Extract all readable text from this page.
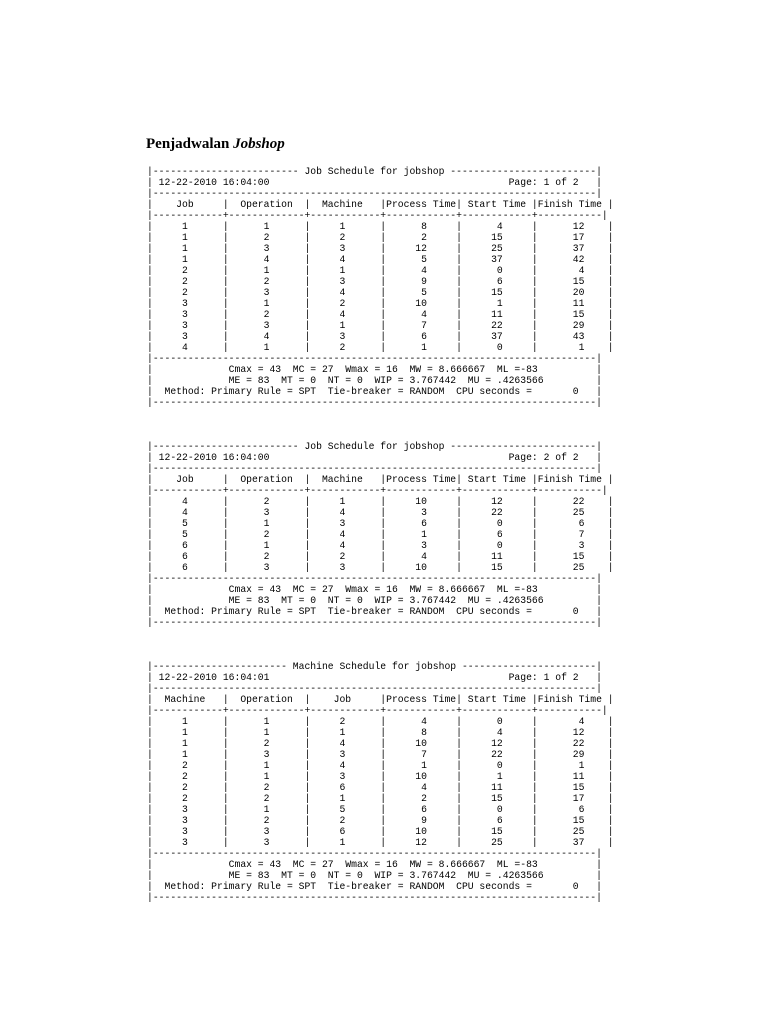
Penjadwalan Jobshop
|------------------------- Job Schedule for jobshop -------------------------|
| 12-22-2010 16:04:00                                         Page: 1 of 2   |
|----------------------------------------------------------------------------|
|    Job     |  Operation  |  Machine   |Process Time| Start Time |Finish Time |
|------------+-------------+------------+------------+------------+-----------|
|     1      |      1      |     1      |      8     |      4     |      12    |
|     1      |      2      |     2      |      2     |     15     |      17    |
|     1      |      3      |     3      |     12     |     25     |      37    |
|     1      |      4      |     4      |      5     |     37     |      42    |
|     2      |      1      |     1      |      4     |      0     |       4    |
|     2      |      2      |     3      |      9     |      6     |      15    |
|     2      |      3      |     4      |      5     |     15     |      20    |
|     3      |      1      |     2      |     10     |      1     |      11    |
|     3      |      2      |     4      |      4     |     11     |      15    |
|     3      |      3      |     1      |      7     |     22     |      29    |
|     3      |      4      |     3      |      6     |     37     |      43    |
|     4      |      1      |     2      |      1     |      0     |       1    |
|----------------------------------------------------------------------------|
|             Cmax = 43  MC = 27  Wmax = 16  MW = 8.666667  ML =-83          |
|             ME = 83  MT = 0  NT = 0  WIP = 3.767442  MU = .4263566         |
|  Method: Primary Rule = SPT  Tie-breaker = RANDOM  CPU seconds =       0   |
|----------------------------------------------------------------------------|
|------------------------- Job Schedule for jobshop -------------------------|
| 12-22-2010 16:04:00                                         Page: 2 of 2   |
|----------------------------------------------------------------------------|
|    Job     |  Operation  |  Machine   |Process Time| Start Time |Finish Time |
|------------+-------------+------------+------------+------------+-----------|
|     4      |      2      |     1      |     10     |     12     |      22    |
|     4      |      3      |     4      |      3     |     22     |      25    |
|     5      |      1      |     3      |      6     |      0     |       6    |
|     5      |      2      |     4      |      1     |      6     |       7    |
|     6      |      1      |     4      |      3     |      0     |       3    |
|     6      |      2      |     2      |      4     |     11     |      15    |
|     6      |      3      |     3      |     10     |     15     |      25    |
|----------------------------------------------------------------------------|
|             Cmax = 43  MC = 27  Wmax = 16  MW = 8.666667  ML =-83          |
|             ME = 83  MT = 0  NT = 0  WIP = 3.767442  MU = .4263566         |
|  Method: Primary Rule = SPT  Tie-breaker = RANDOM  CPU seconds =       0   |
|----------------------------------------------------------------------------|
|----------------------- Machine Schedule for jobshop -----------------------|
| 12-22-2010 16:04:01                                         Page: 1 of 2   |
|----------------------------------------------------------------------------|
|  Machine   |  Operation  |    Job     |Process Time| Start Time |Finish Time |
|------------+-------------+------------+------------+------------+-----------|
|     1      |      1      |     2      |      4     |      0     |       4    |
|     1      |      1      |     1      |      8     |      4     |      12    |
|     1      |      2      |     4      |     10     |     12     |      22    |
|     1      |      3      |     3      |      7     |     22     |      29    |
|     2      |      1      |     4      |      1     |      0     |       1    |
|     2      |      1      |     3      |     10     |      1     |      11    |
|     2      |      2      |     6      |      4     |     11     |      15    |
|     2      |      2      |     1      |      2     |     15     |      17    |
|     3      |      1      |     5      |      6     |      0     |       6    |
|     3      |      2      |     2      |      9     |      6     |      15    |
|     3      |      3      |     6      |     10     |     15     |      25    |
|     3      |      3      |     1      |     12     |     25     |      37    |
|----------------------------------------------------------------------------|
|             Cmax = 43  MC = 27  Wmax = 16  MW = 8.666667  ML =-83          |
|             ME = 83  MT = 0  NT = 0  WIP = 3.767442  MU = .4263566         |
|  Method: Primary Rule = SPT  Tie-breaker = RANDOM  CPU seconds =       0   |
|----------------------------------------------------------------------------|
